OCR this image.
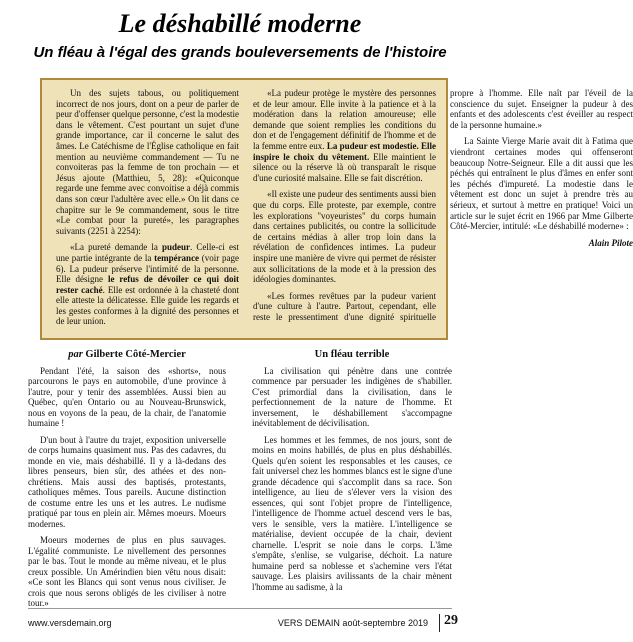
Le déshabillé moderne
Un fléau à l'égal des grands bouleversements de l'histoire

Un des sujets tabous, ou politiquement incorrect de nos jours, dont on a peur de parler de peur d'offenser quelque personne, c'est la modestie dans le vêtement. C'est pourtant un sujet d'une grande importance, car il concerne le salut des âmes. Le Catéchisme de l'Église catholique en fait mention au neuvième commandement — Tu ne convoiteras pas la femme de ton prochain — et Jésus ajoute (Matthieu, 5, 28): «Quiconque regarde une femme avec convoitise a déjà commis dans son cœur l'adultère avec elle.» On lit dans ce chapitre sur le 9e commandement, sous le titre «Le combat pour la pureté», les paragraphes suivants (2251 à 2254):

«La pureté demande la pudeur. Celle-ci est une partie intégrante de la tempérance (voir page 6). La pudeur préserve l'intimité de la personne. Elle désigne le refus de dévoiler ce qui doit rester caché. Elle est ordonnée à la chasteté dont elle atteste la délicatesse. Elle guide les regards et les gestes conformes à la dignité des personnes et de leur union.

«La pudeur protège le mystère des personnes et de leur amour. Elle invite à la patience et à la modération dans la relation amoureuse; elle demande que soient remplies les conditions du don et de l'engagement définitif de l'homme et de la femme entre eux. La pudeur est modestie. Elle inspire le choix du vêtement. Elle maintient le silence ou la réserve là où transparaît le risque d'une curiosité malsaine. Elle se fait discrétion.

«Il existe une pudeur des sentiments aussi bien que du corps. Elle proteste, par exemple, contre les explorations "voyeuristes" du corps humain dans certaines publicités, ou contre la sollicitude de certains médias à aller trop loin dans la révélation de confidences intimes. La pudeur inspire une manière de vivre qui permet de résister aux sollicitations de la mode et à la pression des idéologies dominantes.

«Les formes revêtues par la pudeur varient d'une culture à l'autre. Partout, cependant, elle reste le pressentiment d'une dignité spirituelle propre à l'homme. Elle naît par l'éveil de la conscience du sujet. Enseigner la pudeur à des enfants et des adolescents c'est éveiller au respect de la personne humaine.»

La Sainte Vierge Marie avait dit à Fatima que viendront certaines modes qui offenseront beaucoup Notre-Seigneur. Elle a dit aussi que les péchés qui entraînent le plus d'âmes en enfer sont les péchés d'impureté. La modestie dans le vêtement est donc un sujet à prendre très au sérieux, et surtout à mettre en pratique! Voici un article sur le sujet écrit en 1966 par Mme Gilberte Côté-Mercier, intitulé: «Le déshabillé moderne» :

Alain Pilote

par Gilberte Côté-Mercier

Pendant l'été, la saison des «shorts», nous parcourons le pays en automobile, d'une province à l'autre, pour y tenir des assemblées. Aussi bien au Québec, qu'en Ontario ou au Nouveau-Brunswick, nous en voyons de la peau, de la chair, de l'anatomie humaine !

D'un bout à l'autre du trajet, exposition universelle de corps humains quasiment nus. Pas des cadavres, du monde en vie, mais déshabillé. Il y a là-dedans des libres penseurs, bien sûr, des athées et des non-chrétiens. Mais aussi des baptisés, protestants, catholiques mêmes. Tous pareils. Aucune distinction de costume entre les uns et les autres. Le nudisme pratiqué par tous en plein air. Mêmes moeurs. Moeurs modernes.

Moeurs modernes de plus en plus sauvages. L'égalité communiste. Le nivellement des personnes par le bas. Tout le monde au même niveau, et le plus creux possible. Un Amérindien bien vêtu nous disait: «Ce sont les Blancs qui sont venus nous civiliser. Je crois que nous serons obligés de les civiliser à notre tour.»

Un fléau terrible

La civilisation qui pénètre dans une contrée commence par persuader les indigènes de s'habiller. C'est primordial dans la civilisation, dans le perfectionnement de la nature de l'homme. Et inversement, le déshabillement s'accompagne inévitablement de décivilisation.

Les hommes et les femmes, de nos jours, sont de moins en moins habillés, de plus en plus déshabillés. Quels qu'en soient les responsables et les causes, ce fait universel chez les hommes blancs est le signe d'une grande décadence qui s'accomplit dans sa race. Son intelligence, au lieu de s'élever vers la vision des essences, qui sont l'objet propre de l'intelligence, l'intelligence de l'homme actuel descend vers le bas, vers le sensible, vers la matière. L'intelligence se matérialise, devient occupée de la chair, devient charnelle. L'esprit se noie dans le corps. L'âme s'empâte, s'enlise, se vulgarise, déchoit. La nature humaine perd sa noblesse et s'achemine vers l'état sauvage. Les plaisirs avilissants de la chair mènent l'homme au sadisme, à la

www.versdemain.org	VERS DEMAIN août-septembre 2019 29
